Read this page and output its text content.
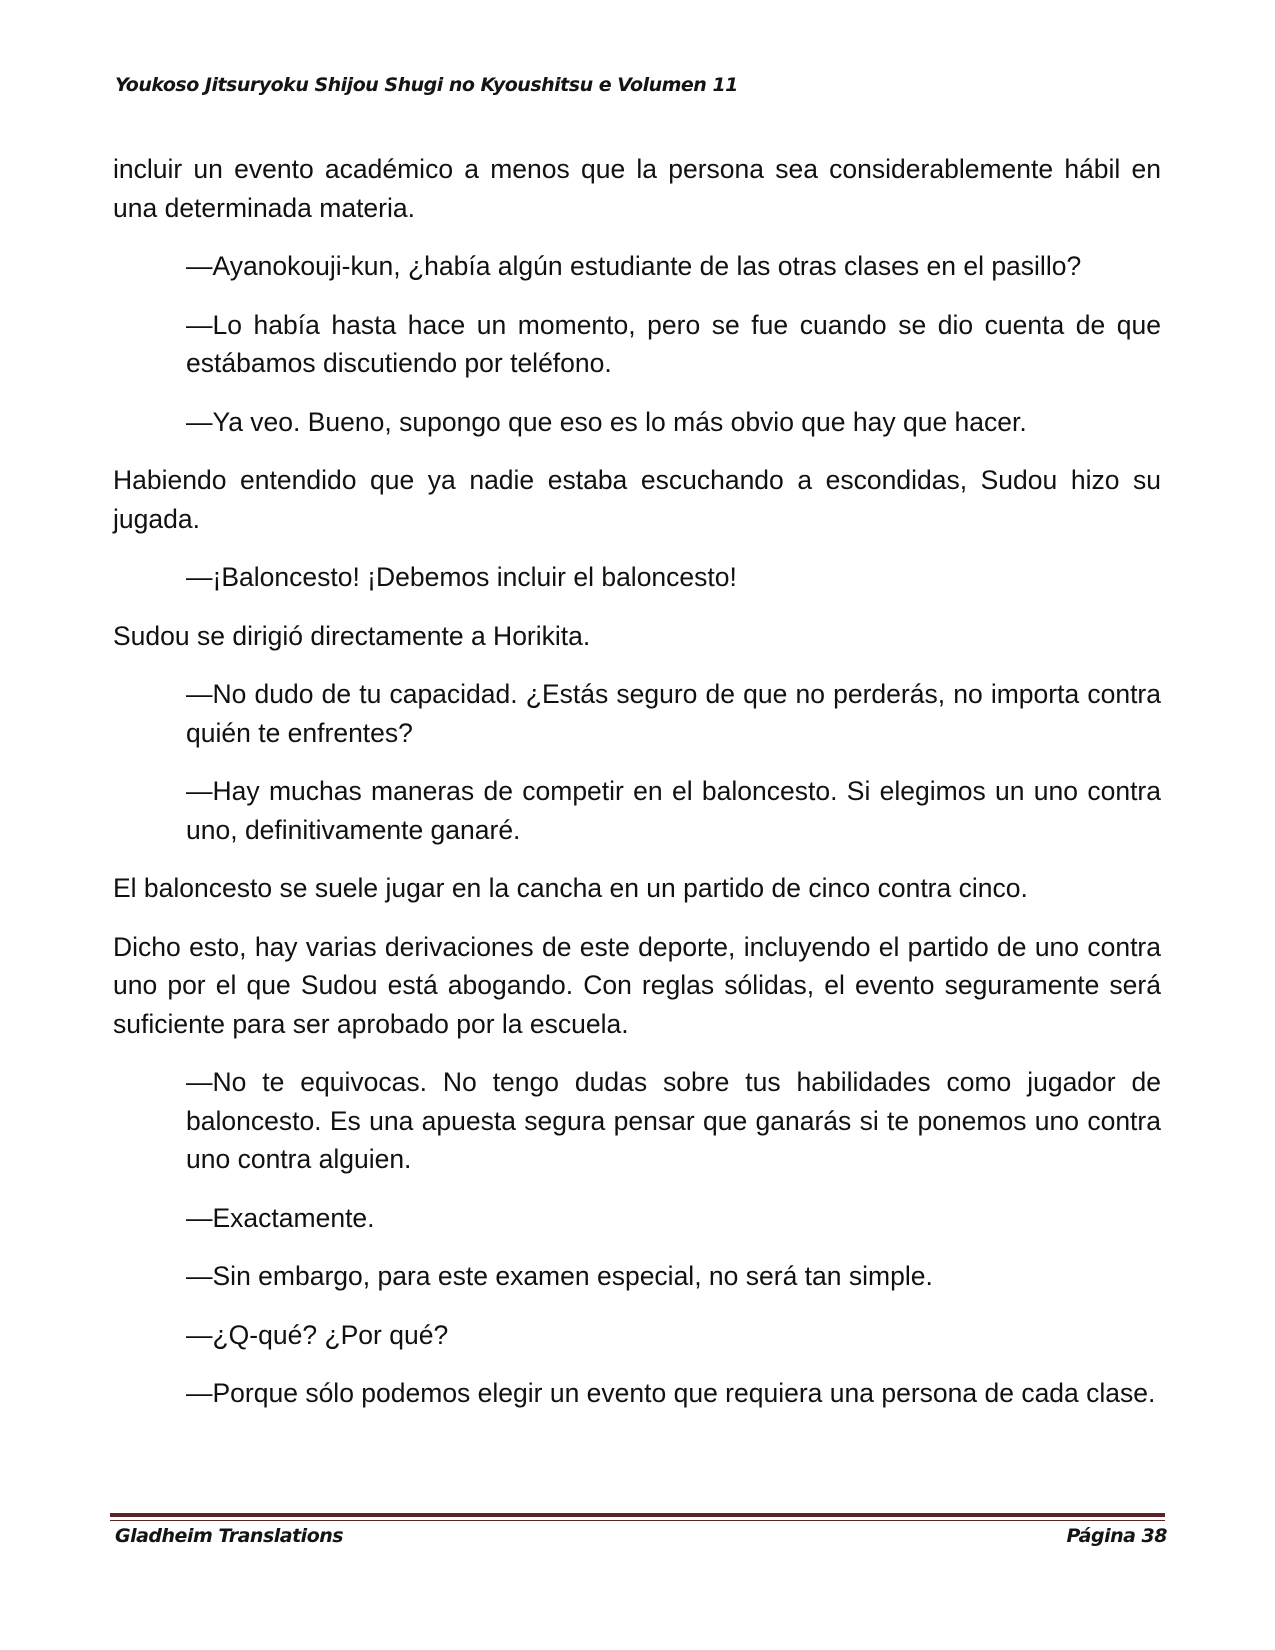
Youkoso Jitsuryoku Shijou Shugi no Kyoushitsu e Volumen 11

incluir un evento académico a menos que la persona sea considerablemente hábil en una determinada materia.

—Ayanokouji-kun, ¿había algún estudiante de las otras clases en el pasillo?

—Lo había hasta hace un momento, pero se fue cuando se dio cuenta de que estábamos discutiendo por teléfono.

—Ya veo. Bueno, supongo que eso es lo más obvio que hay que hacer.

Habiendo entendido que ya nadie estaba escuchando a escondidas, Sudou hizo su jugada.

—¡Baloncesto! ¡Debemos incluir el baloncesto!

Sudou se dirigió directamente a Horikita.

—No dudo de tu capacidad. ¿Estás seguro de que no perderás, no importa contra quién te enfrentes?

—Hay muchas maneras de competir en el baloncesto. Si elegimos un uno contra uno, definitivamente ganaré.

El baloncesto se suele jugar en la cancha en un partido de cinco contra cinco.

Dicho esto, hay varias derivaciones de este deporte, incluyendo el partido de uno contra uno por el que Sudou está abogando. Con reglas sólidas, el evento seguramente será suficiente para ser aprobado por la escuela.

—No te equivocas. No tengo dudas sobre tus habilidades como jugador de baloncesto. Es una apuesta segura pensar que ganarás si te ponemos uno contra uno contra alguien.

—Exactamente.

—Sin embargo, para este examen especial, no será tan simple.

—¿Q-qué? ¿Por qué?

—Porque sólo podemos elegir un evento que requiera una persona de cada clase.

Gladheim Translations	Página 38
